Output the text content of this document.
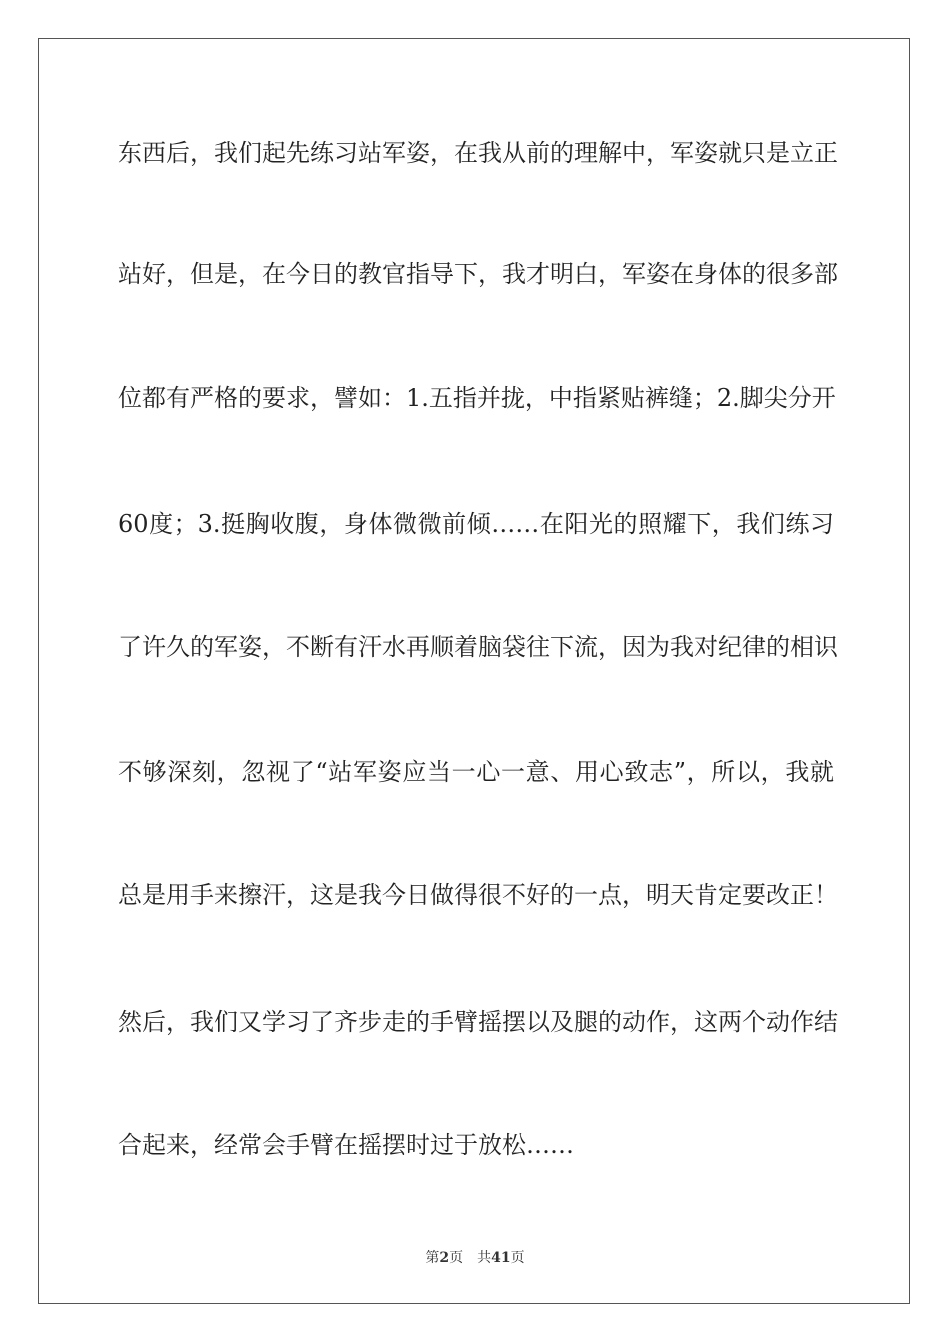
东西后，我们起先练习站军姿，在我从前的理解中，军姿就只是立正
站好，但是，在今日的教官指导下，我才明白，军姿在身体的很多部
位都有严格的要求，譬如：1.五指并拢，中指紧贴裤缝；2.脚尖分开
60度；3.挺胸收腹，身体微微前倾……在阳光的照耀下，我们练习
了许久的军姿，不断有汗水再顺着脑袋往下流，因为我对纪律的相识
不够深刻，忽视了“站军姿应当一心一意、用心致志”，所以，我就
总是用手来擦汗，这是我今日做得很不好的一点，明天肯定要改正！
然后，我们又学习了齐步走的手臂摇摆以及腿的动作，这两个动作结
合起来，经常会手臂在摇摆时过于放松……
第2页 共41页
